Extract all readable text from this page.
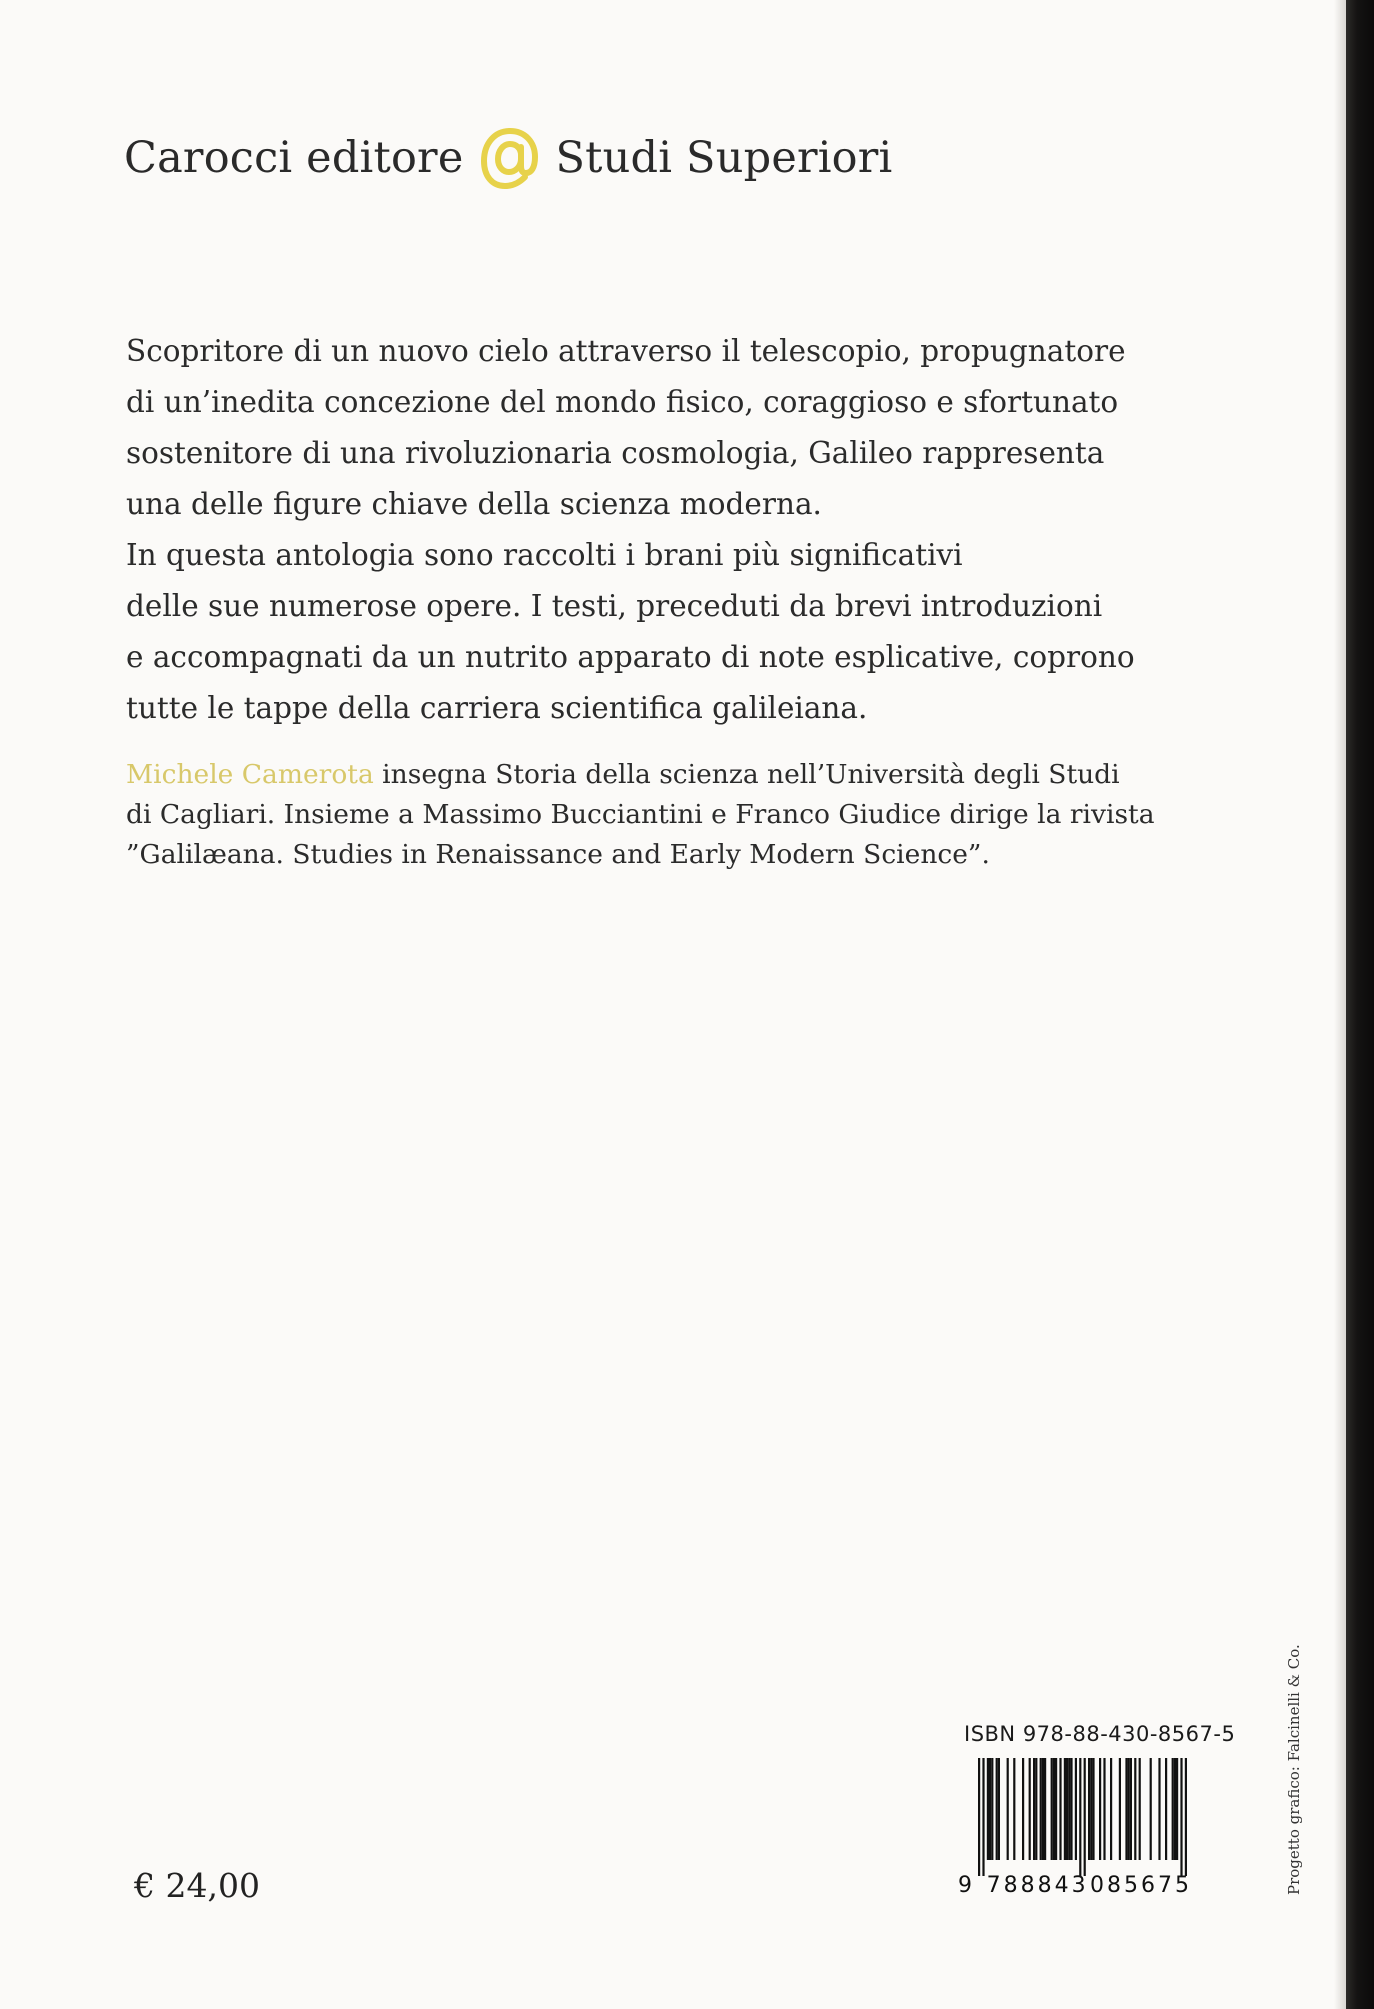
Carocci editore Studi Superiori
Scopritore di un nuovo cielo attraverso il telescopio, propugnatore
di un’inedita concezione del mondo fisico, coraggioso e sfortunato
sostenitore di una rivoluzionaria cosmologia, Galileo rappresenta
una delle figure chiave della scienza moderna.
In questa antologia sono raccolti i brani più significativi
delle sue numerose opere. I testi, preceduti da brevi introduzioni
e accompagnati da un nutrito apparato di note esplicative, coprono
tutte le tappe della carriera scientifica galileiana.
Michele Camerota insegna Storia della scienza nell’Università degli Studi
di Cagliari. Insieme a Massimo Bucciantini e Franco Giudice dirige la rivista
”Galilæana. Studies in Renaissance and Early Modern Science”.
ISBN 978-88-430-8567-5
9 788843 085675
€ 24,00	Progetto grafico: Falcinelli & Co.
